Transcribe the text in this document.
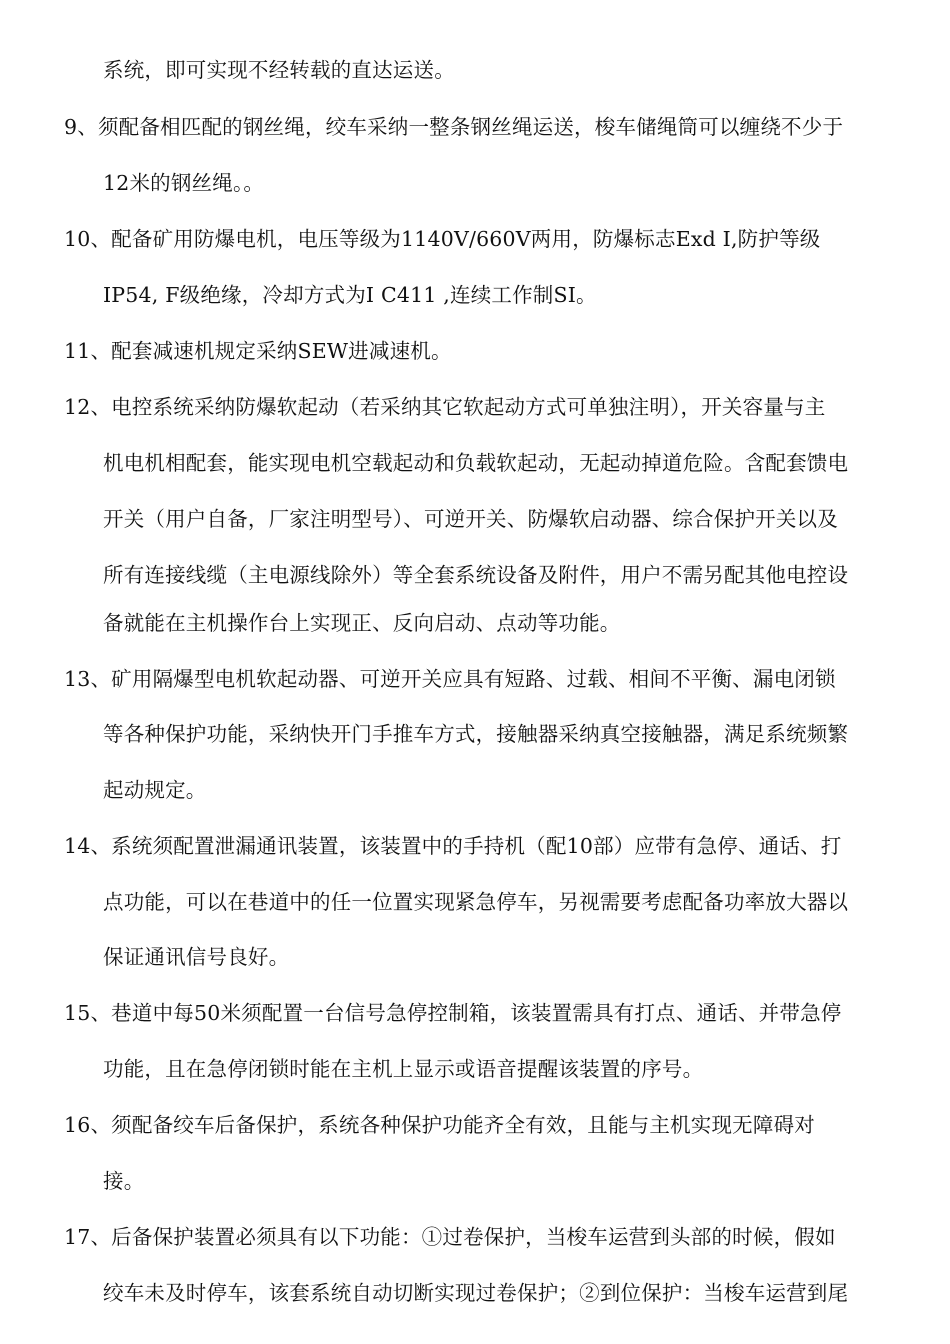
系统，即可实现不经转载的直达运送。
9、须配备相匹配的钢丝绳，绞车采纳一整条钢丝绳运送，梭车储绳筒可以缠绕不少于
12米的钢丝绳。。
10、配备矿用防爆电机，电压等级为1140V/660V两用，防爆标志Exd I,防护等级
IP54, F级绝缘，冷却方式为I C411 ,连续工作制SI。
11、配套减速机规定采纳SEW进减速机。
12、电控系统采纳防爆软起动（若采纳其它软起动方式可单独注明），开关容量与主
机电机相配套，能实现电机空载起动和负载软起动，无起动掉道危险。含配套馈电
开关（用户自备，厂家注明型号）、可逆开关、防爆软启动器、综合保护开关以及
所有连接线缆（主电源线除外）等全套系统设备及附件，用户不需另配其他电控设
备就能在主机操作台上实现正、反向启动、点动等功能。
13、矿用隔爆型电机软起动器、可逆开关应具有短路、过载、相间不平衡、漏电闭锁
等各种保护功能，采纳快开门手推车方式，接触器采纳真空接触器，满足系统频繁
起动规定。
14、系统须配置泄漏通讯装置，该装置中的手持机（配10部）应带有急停、通话、打
点功能，可以在巷道中的任一位置实现紧急停车，另视需要考虑配备功率放大器以
保证通讯信号良好。
15、巷道中每50米须配置一台信号急停控制箱，该装置需具有打点、通话、并带急停
功能，且在急停闭锁时能在主机上显示或语音提醒该装置的序号。
16、须配备绞车后备保护，系统各种保护功能齐全有效，且能与主机实现无障碍对
接。
17、后备保护装置必须具有以下功能：①过卷保护，当梭车运营到头部的时候，假如
绞车未及时停车，该套系统自动切断实现过卷保护；②到位保护：当梭车运营到尾
